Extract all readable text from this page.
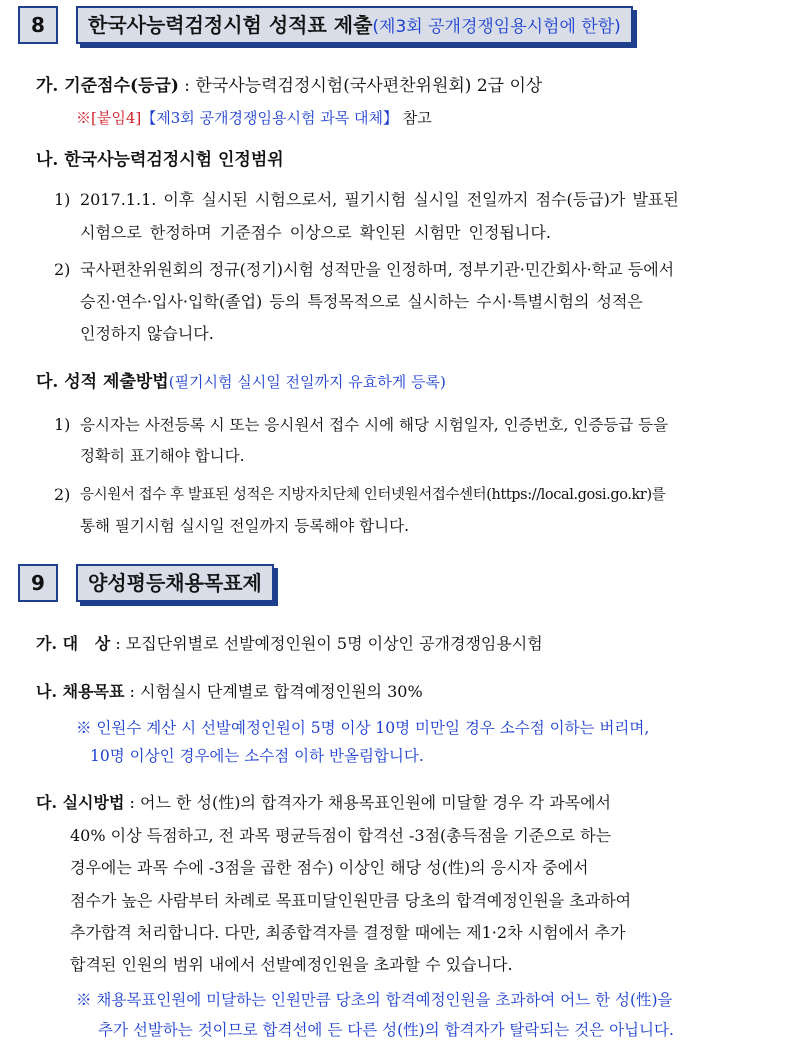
8	한국사능력검정시험 성적표 제출(제3회 공개경쟁임용시험에 한함)
가. 기준점수(등급) : 한국사능력검정시험(국사편찬위원회) 2급 이상
※[붙임4]【제3회 공개경쟁임용시험 과목 대체】 참고
나. 한국사능력검정시험 인정범위
1) 2017.1.1. 이후 실시된 시험으로서, 필기시험 실시일 전일까지 점수(등급)가 발표된
시험으로 한정하며 기준점수 이상으로 확인된 시험만 인정됩니다.
2) 국사편찬위원회의 정규(정기)시험 성적만을 인정하며, 정부기관·민간회사·학교 등에서
승진·연수·입사·입학(졸업) 등의 특정목적으로 실시하는 수시·특별시험의 성적은
인정하지 않습니다.
다. 성적 제출방법(필기시험 실시일 전일까지 유효하게 등록)
1) 응시자는 사전등록 시 또는 응시원서 접수 시에 해당 시험일자, 인증번호, 인증등급 등을
정확히 표기해야 합니다.
2) 응시원서 접수 후 발표된 성적은 지방자치단체 인터넷원서접수센터(https://local.gosi.go.kr)를
통해 필기시험 실시일 전일까지 등록해야 합니다.
9	양성평등채용목표제
가. 대   상 : 모집단위별로 선발예정인원이 5명 이상인 공개경쟁임용시험
나. 채용목표 : 시험실시 단계별로 합격예정인원의 30%
※ 인원수 계산 시 선발예정인원이 5명 이상 10명 미만일 경우 소수점 이하는 버리며,
10명 이상인 경우에는 소수점 이하 반올림합니다.
다. 실시방법 : 어느 한 성(性)의 합격자가 채용목표인원에 미달할 경우 각 과목에서
40% 이상 득점하고, 전 과목 평균득점이 합격선 -3점(총득점을 기준으로 하는
경우에는 과목 수에 -3점을 곱한 점수) 이상인 해당 성(性)의 응시자 중에서
점수가 높은 사람부터 차례로 목표미달인원만큼 당초의 합격예정인원을 초과하여
추가합격 처리합니다. 다만, 최종합격자를 결정할 때에는 제1·2차 시험에서 추가
합격된 인원의 범위 내에서 선발예정인원을 초과할 수 있습니다.
※ 채용목표인원에 미달하는 인원만큼 당초의 합격예정인원을 초과하여 어느 한 성(性)을
추가 선발하는 것이므로 합격선에 든 다른 성(性)의 합격자가 탈락되는 것은 아닙니다.
